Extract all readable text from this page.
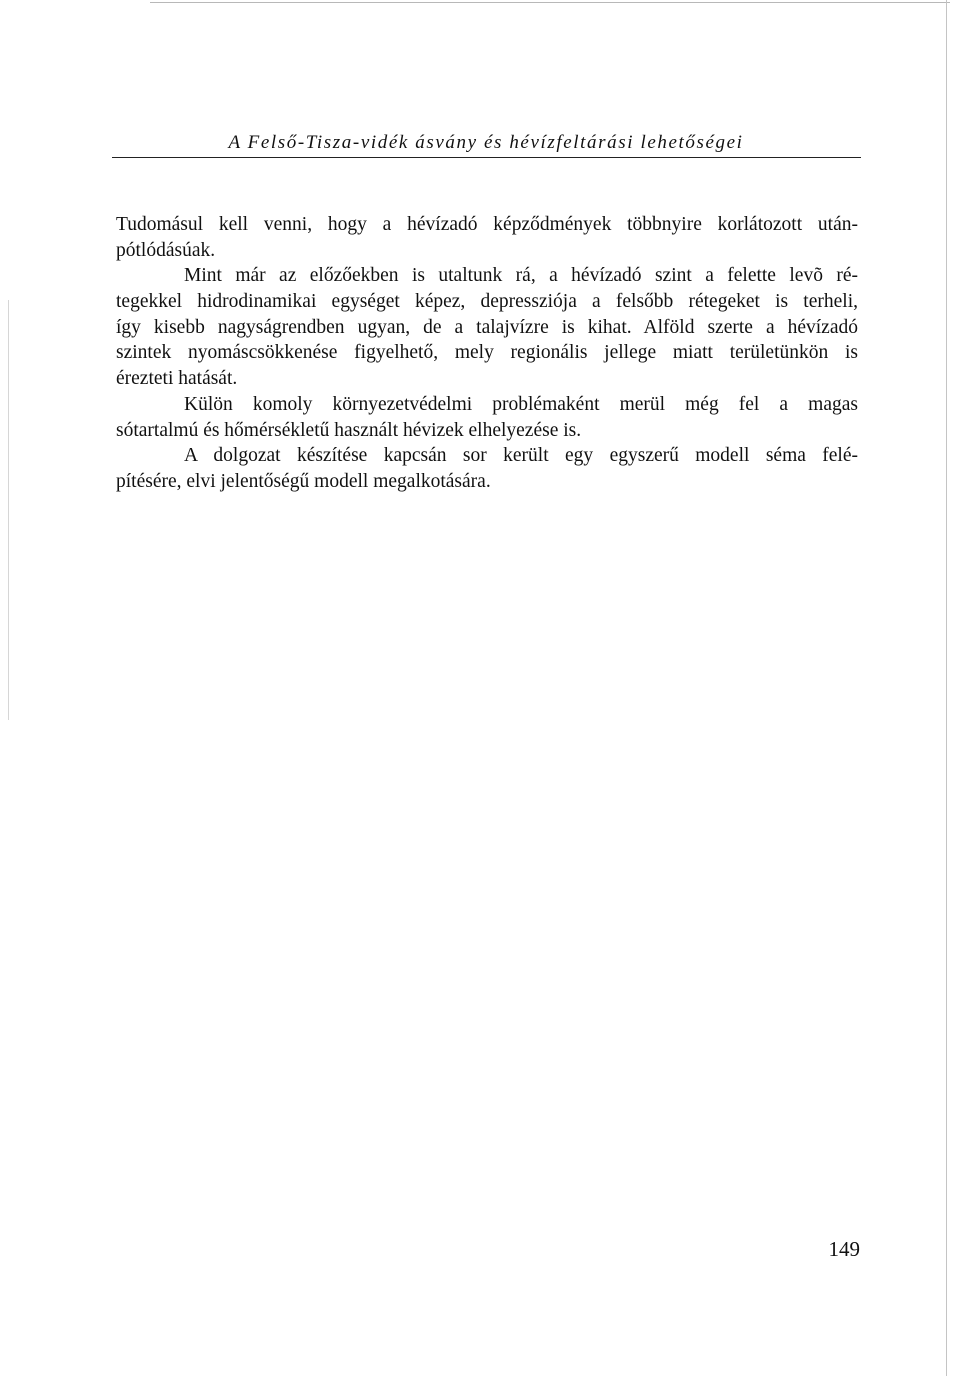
A Felső-Tisza-vidék ásvány és hévízfeltárási lehetőségei
Tudomásul kell venni, hogy a hévízadó képződmények többnyire korlátozott után-
pótlódásúak.
Mint már az előzőekben is utaltunk rá, a hévízadó szint a felette levõ ré-
tegekkel hidrodinamikai egységet képez, depressziója a felsőbb rétegeket is terheli,
így kisebb nagyságrendben ugyan, de a talajvízre is kihat. Alföld szerte a hévízadó
szintek nyomáscsökkenése figyelhető, mely regionális jellege miatt területünkön is
érezteti hatását.
Külön komoly környezetvédelmi problémaként merül még fel a magas
sótartalmú és hőmérsékletű használt hévizek elhelyezése is.
A dolgozat készítése kapcsán sor került egy egyszerű modell séma felé-
pítésére, elvi jelentőségű modell megalkotására.
149
